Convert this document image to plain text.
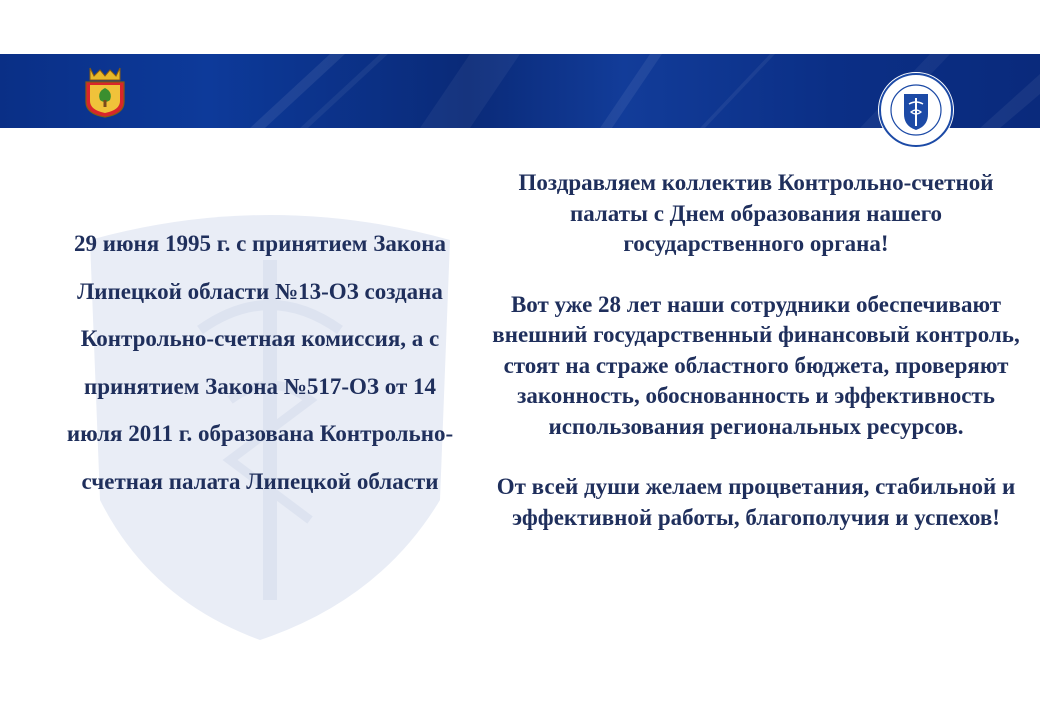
29 июня 1995 г. с принятием Закона Липецкой области №13-ОЗ создана Контрольно-счетная комиссия, а с принятием Закона №517-ОЗ от 14 июля 2011 г. образована Контрольно-счетная палата Липецкой области

Поздравляем коллектив Контрольно-счетной палаты с Днем образования нашего государственного органа!

Вот уже 28 лет наши сотрудники обеспечивают внешний государственный финансовый контроль, стоят на страже областного бюджета, проверяют законность, обоснованность и эффективность использования региональных ресурсов.

От всей души желаем процветания, стабильной и эффективной работы, благополучия и успехов!
